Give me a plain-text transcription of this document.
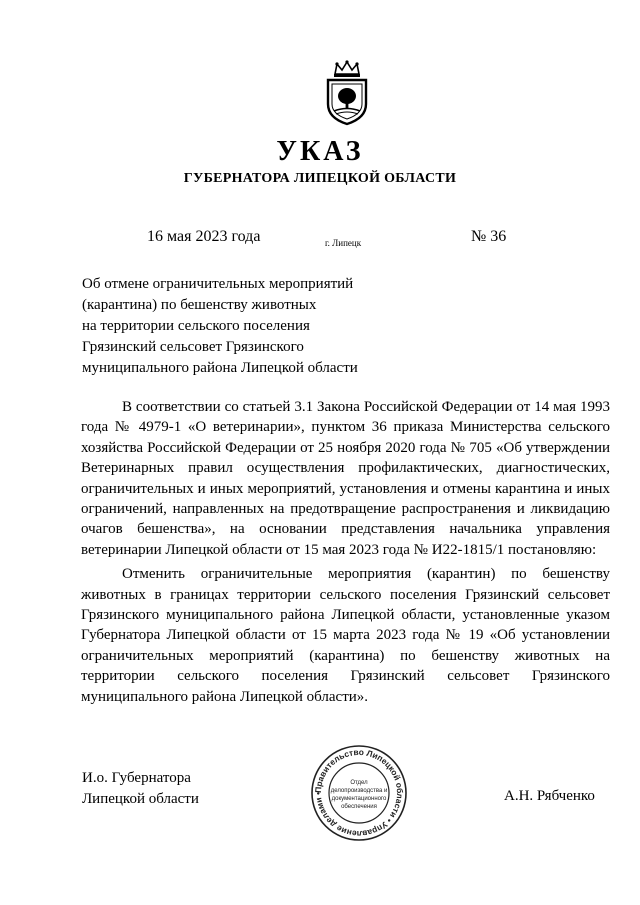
УКАЗ
ГУБЕРНАТОРА ЛИПЕЦКОЙ ОБЛАСТИ
16 мая 2023 года	г. Липецк	№ 36
Об отмене ограничительных мероприятий
(карантина) по бешенству животных
на территории сельского поселения
Грязинский сельсовет Грязинского
муниципального района Липецкой области

В соответствии со статьей 3.1 Закона Российской Федерации от 14 мая 1993 года № 4979-1 «О ветеринарии», пунктом 36 приказа Министерства сельского хозяйства Российской Федерации от 25 ноября 2020 года № 705 «Об утверждении Ветеринарных правил осуществления профилактических, диагностических, ограничительных и иных мероприятий, установления и отмены карантина и иных ограничений, направленных на предотвращение распространения и ликвидацию очагов бешенства», на основании представления начальника управления ветеринарии Липецкой области от 15 мая 2023 года № И22-1815/1 постановляю:

Отменить ограничительные мероприятия (карантин) по бешенству животных в границах территории сельского поселения Грязинский сельсовет Грязинского муниципального района Липецкой области, установленные указом Губернатора Липецкой области от 15 марта 2023 года № 19 «Об установлении ограничительных мероприятий (карантина) по бешенству животных на территории сельского поселения Грязинский сельсовет Грязинского муниципального района Липецкой области».

И.о. Губернатора
Липецкой области	А.Н. Рябченко
Правительство Липецкой области • Управление делами •
Отдел
делопроизводства и
документационного
обеспечения
